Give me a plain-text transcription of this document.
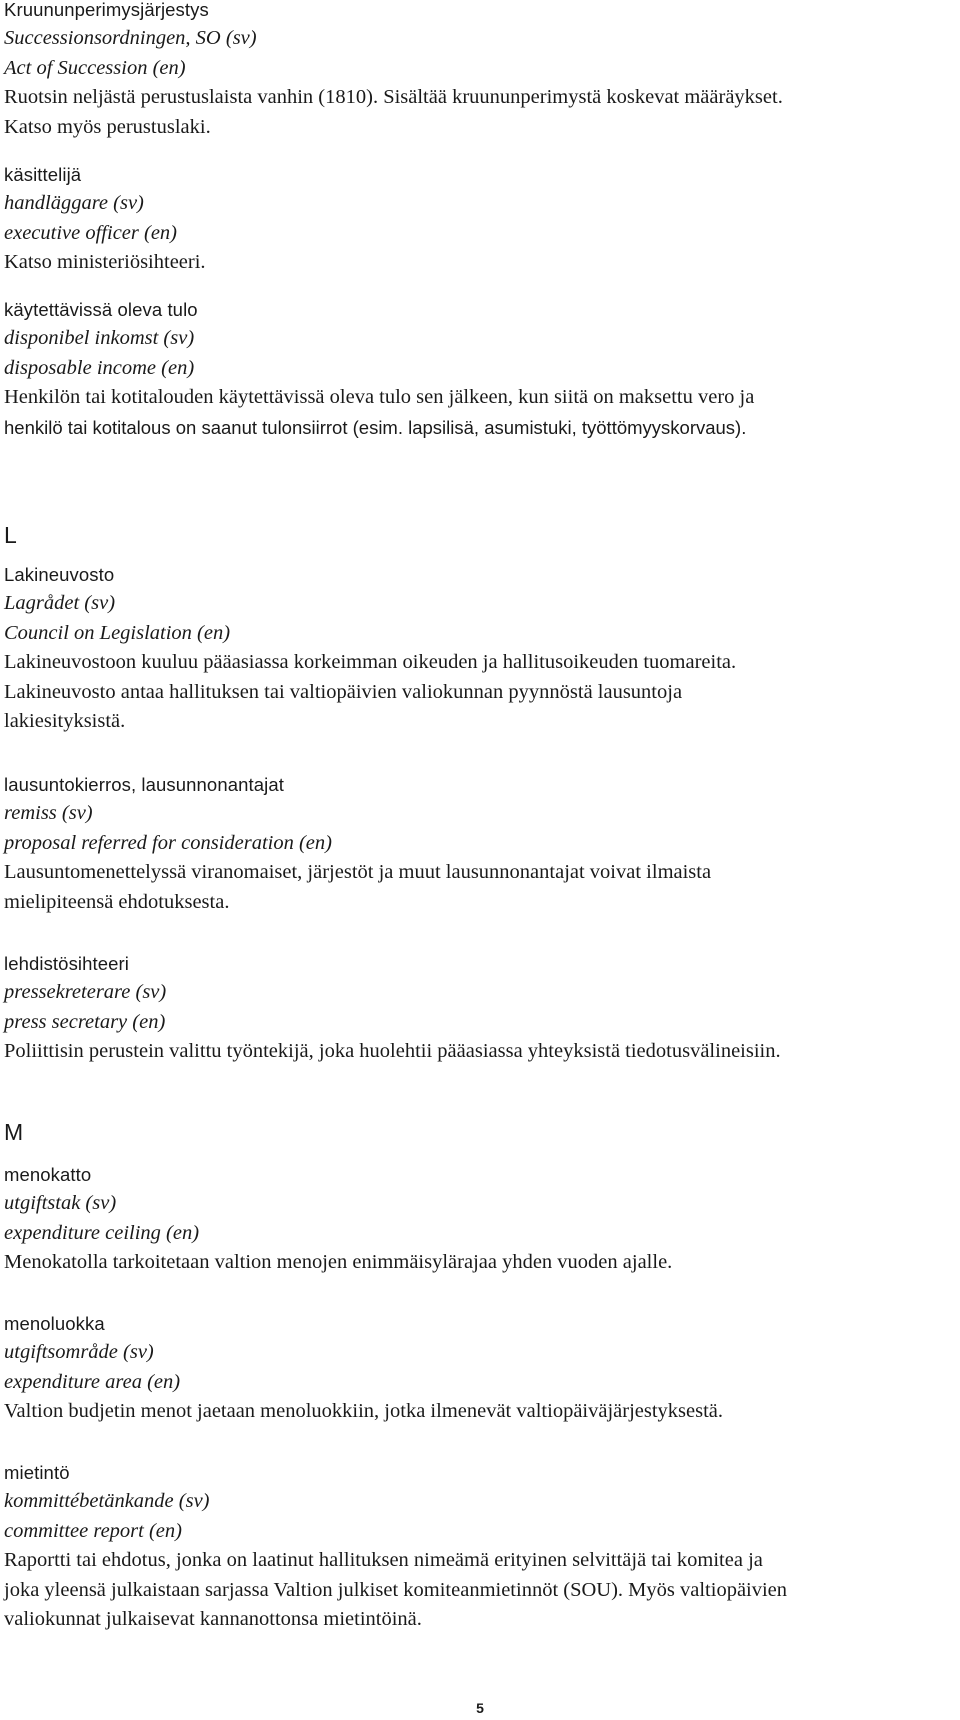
Kruununperimysjärjestys
Successionsordningen, SO (sv)
Act of Succession (en)
Ruotsin neljästä perustuslaista vanhin (1810). Sisältää kruununperimystä koskevat määräykset.
Katso myös perustuslaki.
käsittelijä
handläggare (sv)
executive officer (en)
Katso ministeriösihteeri.
käytettävissä oleva tulo
disponibel inkomst (sv)
disposable income (en)
Henkilön tai kotitalouden käytettävissä oleva tulo sen jälkeen, kun siitä on maksettu vero ja
henkilö tai kotitalous on saanut tulonsiirrot (esim. lapsilisä, asumistuki, työttömyyskorvaus).
L
Lakineuvosto
Lagrådet (sv)
Council on Legislation (en)
Lakineuvostoon kuuluu pääasiassa korkeimman oikeuden ja hallitusoikeuden tuomareita.
Lakineuvosto antaa hallituksen tai valtiopäivien valiokunnan pyynnöstä lausuntoja
lakiesityksistä.
lausuntokierros, lausunnonantajat
remiss (sv)
proposal referred for consideration (en)
Lausuntomenettelyssä viranomaiset, järjestöt ja muut lausunnonantajat voivat ilmaista
mielipiteensä ehdotuksesta.
lehdistösihteeri
pressekreterare (sv)
press secretary (en)
Poliittisin perustein valittu työntekijä, joka huolehtii pääasiassa yhteyksistä tiedotusvälineisiin.
M
menokatto
utgiftstak (sv)
expenditure ceiling (en)
Menokatolla tarkoitetaan valtion menojen enimmäisylärajaa yhden vuoden ajalle.
menoluokka
utgiftsområde (sv)
expenditure area (en)
Valtion budjetin menot jaetaan menoluokkiin, jotka ilmenevät valtiopäiväjärjestyksestä.
mietintö
kommittébetänkande (sv)
committee report (en)
Raportti tai ehdotus, jonka on laatinut hallituksen nimeämä erityinen selvittäjä tai komitea ja
joka yleensä julkaistaan sarjassa Valtion julkiset komiteanmietinnöt (SOU). Myös valtiopäivien
valiokunnat julkaisevat kannanottonsa mietintöinä.
5
